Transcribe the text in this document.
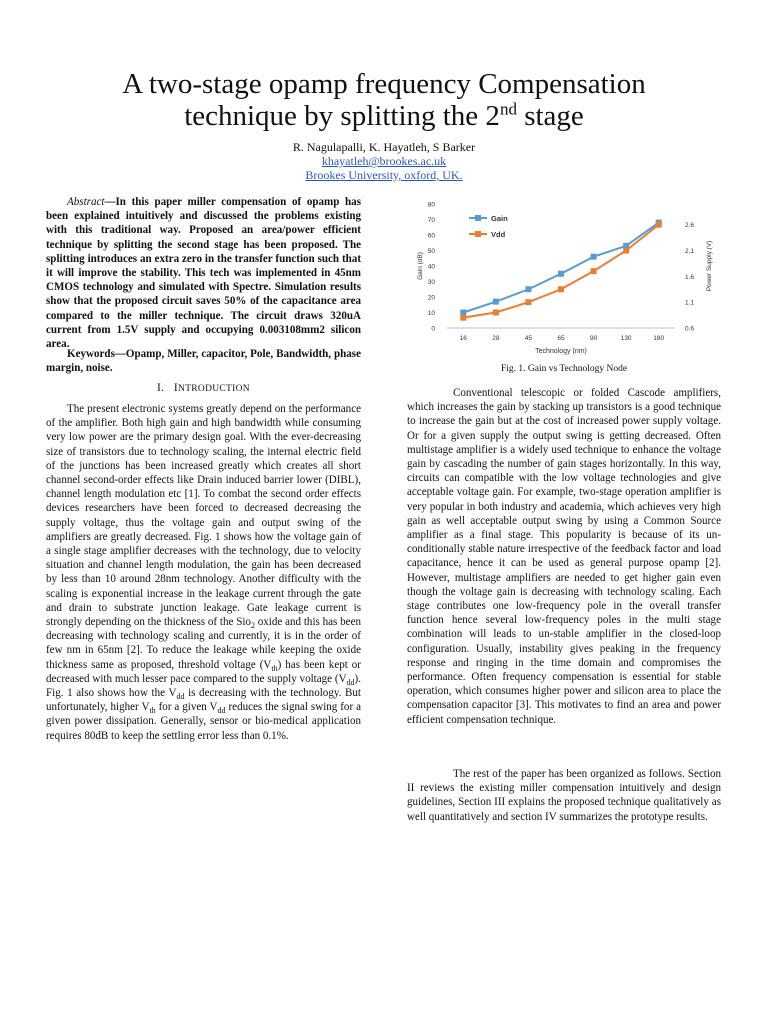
A two-stage opamp frequency Compensation
technique by splitting the 2nd stage
R. Nagulapalli, K. Hayatleh, S Barker
khayatleh@brookes.ac.uk
Brookes University, oxford, UK.

Abstract—In this paper miller compensation of opamp has been explained intuitively and discussed the problems existing with this traditional way. Proposed an area/power efficient technique by splitting the second stage has been proposed. The splitting introduces an extra zero in the transfer function such that it will improve the stability. This tech was implemented in 45nm CMOS technology and simulated with Spectre. Simulation results show that the proposed circuit saves 50% of the capacitance area compared to the miller technique. The circuit draws 320uA current from 1.5V supply and occupying 0.003108mm2 silicon area.

Keywords—Opamp, Miller, capacitor, Pole, Bandwidth, phase margin, noise.

I. INTRODUCTION

The present electronic systems greatly depend on the performance of the amplifier. Both high gain and high bandwidth while consuming very low power are the primary design goal. With the ever-decreasing size of transistors due to technology scaling, the internal electric field of the junctions has been increased greatly which creates all short channel second-order effects like Drain induced barrier lower (DIBL), channel length modulation etc [1]. To combat the second order effects devices researchers have been forced to decreased decreasing the supply voltage, thus the voltage gain and output swing of the amplifiers are greatly decreased. Fig. 1 shows how the voltage gain of a single stage amplifier decreases with the technology, due to velocity situation and channel length modulation, the gain has been decreased by less than 10 around 28nm technology. Another difficulty with the scaling is exponential increase in the leakage current through the gate and drain to substrate junction leakage. Gate leakage current is strongly depending on the thickness of the Sio$_2$ oxide and this has been decreasing with technology scaling and currently, it is in the order of few nm in 65nm [2]. To reduce the leakage while keeping the oxide thickness same as proposed, threshold voltage $(V_{th})$ has been kept or decreased with much lesser pace compared to the supply voltage $(V_{dd})$. Fig. 1 also shows how the $V_{dd}$ is decreasing with the technology. But unfortunately, higher $V_{th}$ for a given $V_{dd}$ reduces the signal swing for a given power dissipation. Generally, sensor or bio-medical application requires 80dB to keep the settling error less than 0.1%.

0
10
20
30
40
50
60
70
80
0.6
1.1
1.6
2.1
2.6
16	28	45	65	90	130	180
Gain (dB)	Power Supply (V)
Technology (nm)
Gain
Vdd
Fig. 1. Gain vs Technology Node

Conventional telescopic or folded Cascode amplifiers, which increases the gain by stacking up transistors is a good technique to increase the gain but at the cost of increased power supply voltage. Or for a given supply the output swing is getting decreased. Often multistage amplifier is a widely used technique to enhance the voltage gain by cascading the number of gain stages horizontally. In this way, circuits can compatible with the low voltage technologies and give acceptable voltage gain. For example, two-stage operation amplifier is very popular in both industry and academia, which achieves very high gain as well acceptable output swing by using a Common Source amplifier as a final stage. This popularity is because of its un-conditionally stable nature irrespective of the feedback factor and load capacitance, hence it can be used as general purpose opamp [2]. However, multistage amplifiers are needed to get higher gain even though the voltage gain is decreasing with technology scaling. Each stage contributes one low-frequency pole in the overall transfer function hence several low-frequency poles in the multi stage combination will leads to un-stable amplifier in the closed-loop configuration. Usually, instability gives peaking in the frequency response and ringing in the time domain and compromises the performance. Often frequency compensation is essential for stable operation, which consumes higher power and silicon area to place the compensation capacitor [3]. This motivates to find an area and power efficient compensation technique.

The rest of the paper has been organized as follows. Section II reviews the existing miller compensation intuitively and design guidelines, Section III explains the proposed technique qualitatively as well quantitatively and section IV summarizes the prototype results.
